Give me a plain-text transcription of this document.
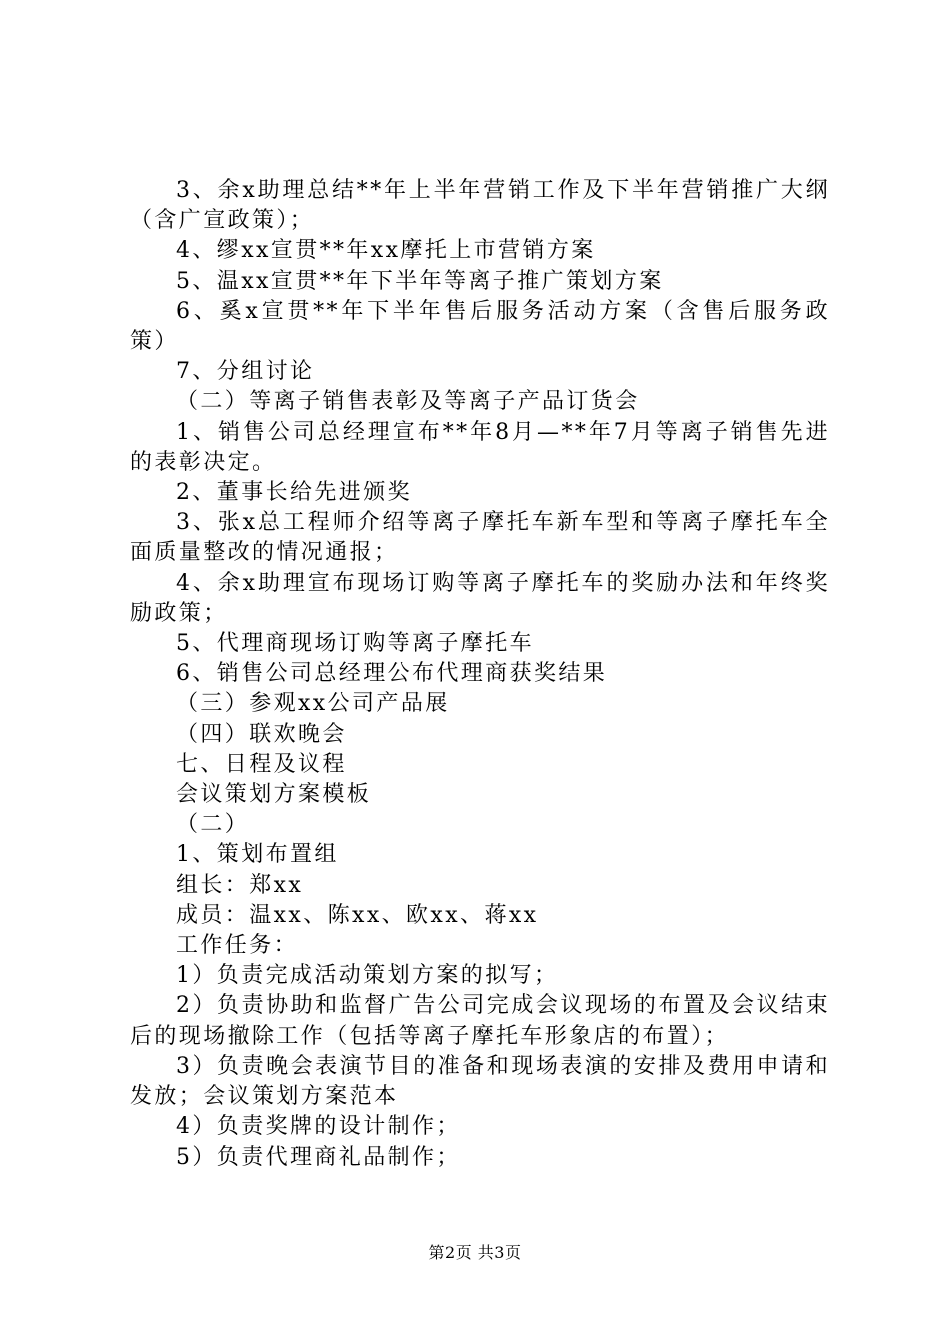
3、余x助理总结**年上半年营销工作及下半年营销推广大纲（含广宣政策）；

4、缪xx宣贯**年xx摩托上市营销方案

5、温xx宣贯**年下半年等离子推广策划方案

6、奚x宣贯**年下半年售后服务活动方案（含售后服务政策）

7、分组讨论

（二）等离子销售表彰及等离子产品订货会

1、销售公司总经理宣布**年8月—**年7月等离子销售先进的表彰决定。

2、董事长给先进颁奖

3、张x总工程师介绍等离子摩托车新车型和等离子摩托车全面质量整改的情况通报；

4、余x助理宣布现场订购等离子摩托车的奖励办法和年终奖励政策；

5、代理商现场订购等离子摩托车

6、销售公司总经理公布代理商获奖结果

（三）参观xx公司产品展

（四）联欢晚会

七、日程及议程

会议策划方案模板

（二）

1、策划布置组

组长：郑xx

成员：温xx、陈xx、欧xx、蒋xx

工作任务：

1）负责完成活动策划方案的拟写；

2）负责协助和监督广告公司完成会议现场的布置及会议结束后的现场撤除工作（包括等离子摩托车形象店的布置）；

3）负责晚会表演节目的准备和现场表演的安排及费用申请和发放；会议策划方案范本

4）负责奖牌的设计制作；

5）负责代理商礼品制作；

第2页 共3页
